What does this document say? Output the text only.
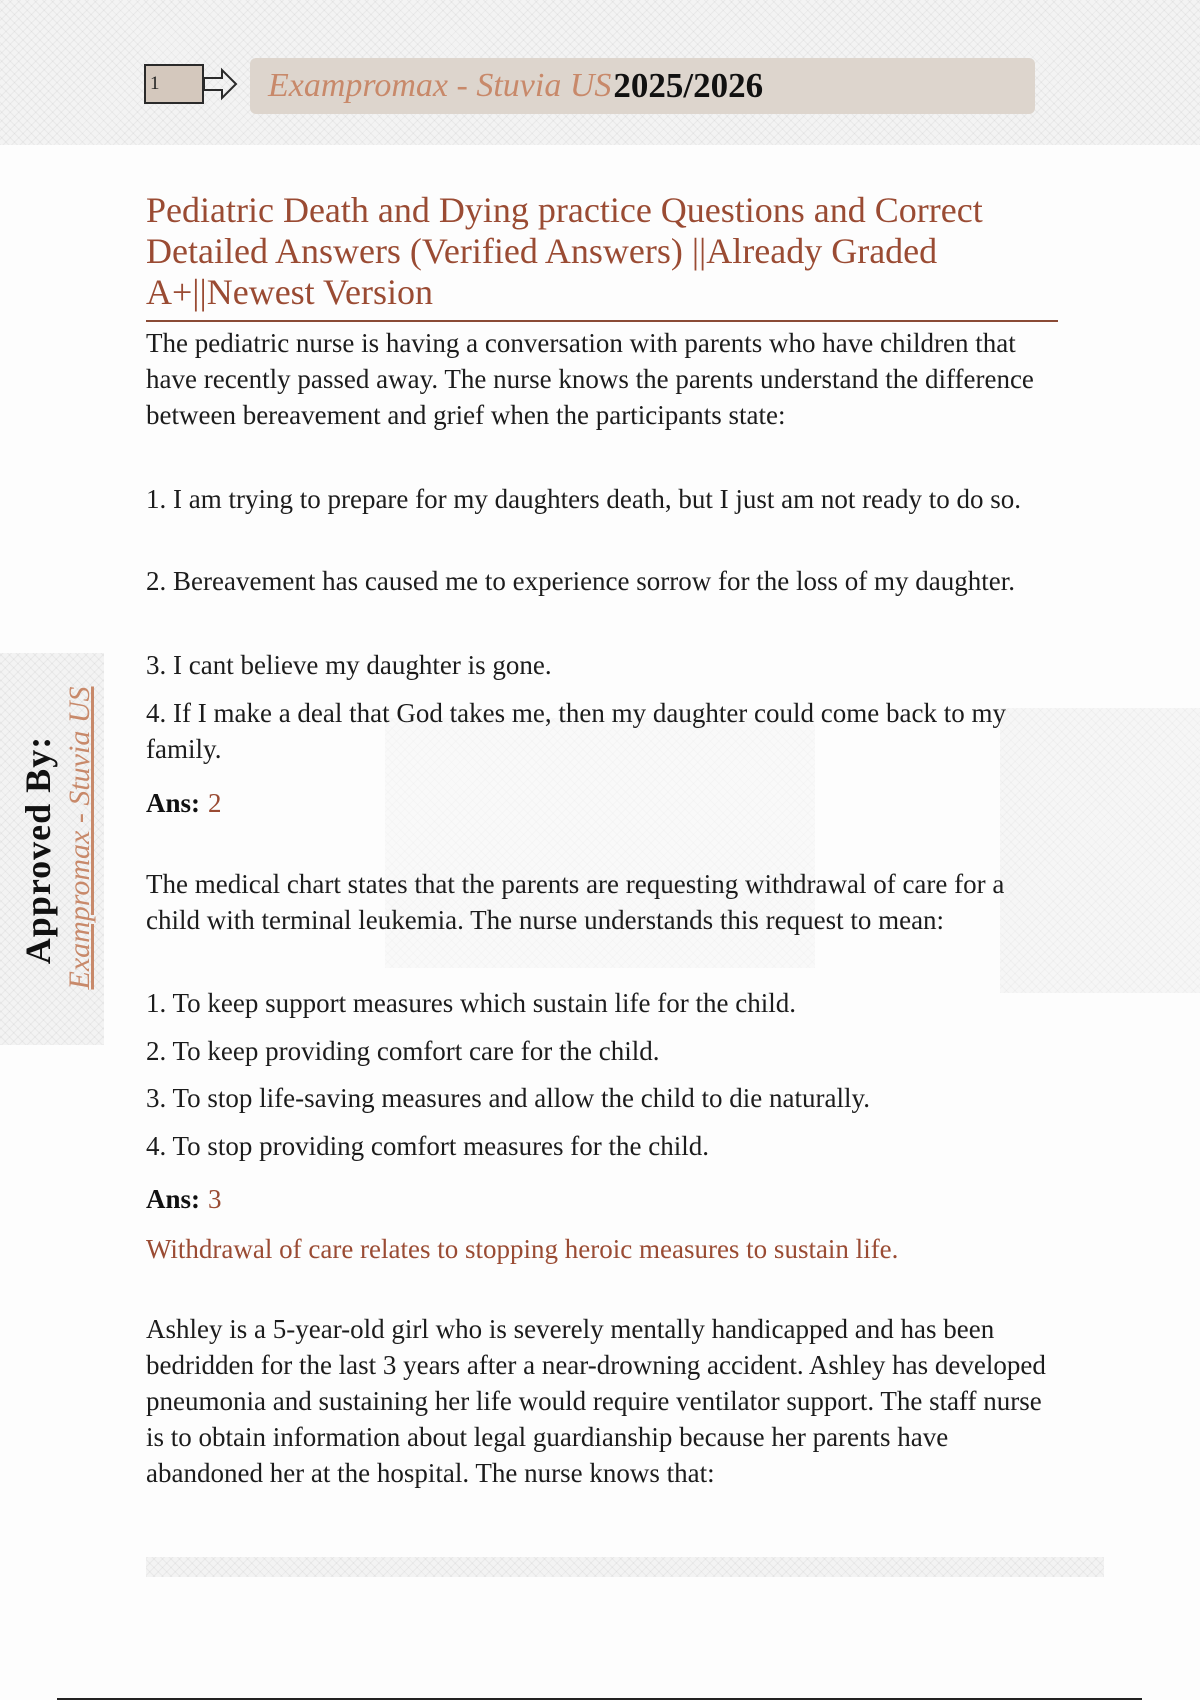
1	Exampromax - Stuvia US 2025/2026
Approved By: Exampromax - Stuvia US
Pediatric Death and Dying practice Questions and Correct Detailed Answers (Verified Answers) ||Already Graded A+||Newest Version

The pediatric nurse is having a conversation with parents who have children that have recently passed away. The nurse knows the parents understand the difference between bereavement and grief when the participants state:

1. I am trying to prepare for my daughters death, but I just am not ready to do so.

2. Bereavement has caused me to experience sorrow for the loss of my daughter.

3. I cant believe my daughter is gone.

4. If I make a deal that God takes me, then my daughter could come back to my family.

Ans: 2

The medical chart states that the parents are requesting withdrawal of care for a child with terminal leukemia. The nurse understands this request to mean:

1. To keep support measures which sustain life for the child.

2. To keep providing comfort care for the child.

3. To stop life-saving measures and allow the child to die naturally.

4. To stop providing comfort measures for the child.

Ans: 3

Withdrawal of care relates to stopping heroic measures to sustain life.

Ashley is a 5-year-old girl who is severely mentally handicapped and has been bedridden for the last 3 years after a near-drowning accident. Ashley has developed pneumonia and sustaining her life would require ventilator support. The staff nurse is to obtain information about legal guardianship because her parents have abandoned her at the hospital. The nurse knows that:
